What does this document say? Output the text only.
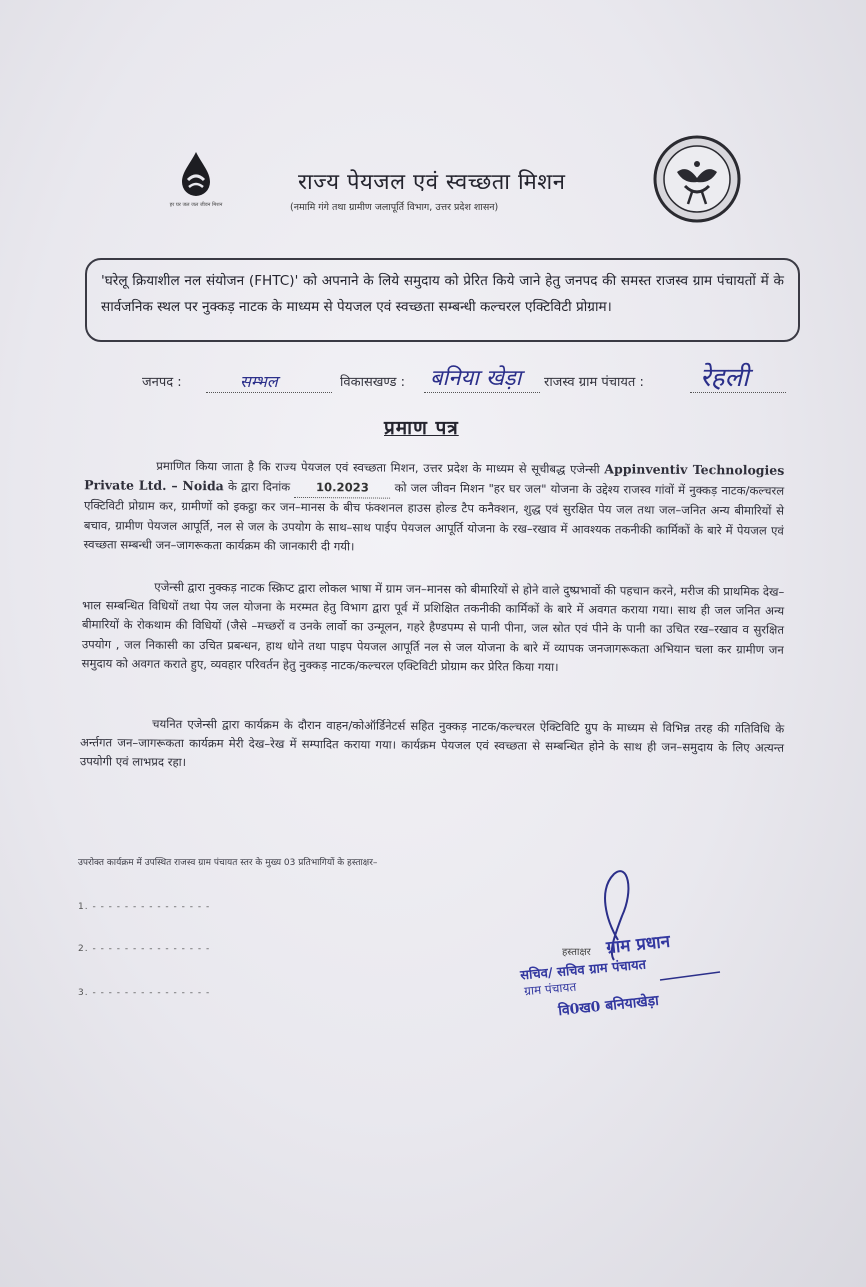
हर घर जल जल जीवन मिशन
राज्य पेयजल एवं स्वच्छता मिशन
(नमामि गंगे तथा ग्रामीण जलापूर्ति विभाग, उत्तर प्रदेश शासन)
'घरेलू क्रियाशील नल संयोजन (FHTC)' को अपनाने के लिये समुदाय को प्रेरित किये जाने हेतु जनपद की समस्त राजस्व ग्राम पंचायतों में के सार्वजनिक स्थल पर नुक्कड़ नाटक के माध्यम से पेयजल एवं स्वच्छता सम्बन्धी कल्चरल एक्टिविटी प्रोग्राम।
जनपद :	सम्भल	विकासखण्ड : बनिया खेड़ा राजस्व ग्राम पंचायत : रेहली
प्रमाण पत्र
प्रमाणित किया जाता है कि राज्य पेयजल एवं स्वच्छता मिशन, उत्तर प्रदेश के माध्यम से सूचीबद्ध एजेन्सी Appinventiv Technologies Private Ltd. – Noida के द्वारा दिनांक 10.2023 को जल जीवन मिशन "हर घर जल" योजना के उद्देश्य राजस्व गांवों में नुक्कड़ नाटक/कल्चरल एक्टिविटी प्रोग्राम कर, ग्रामीणों को इकट्ठा कर जन–मानस के बीच फंक्शनल हाउस होल्ड टैप कनैक्शन, शुद्ध एवं सुरक्षित पेय जल तथा जल–जनित अन्य बीमारियों से बचाव, ग्रामीण पेयजल आपूर्ति, नल से जल के उपयोग के साथ–साथ पाईप पेयजल आपूर्ति योजना के रख–रखाव में आवश्यक तकनीकी कार्मिकों के बारे में पेयजल एवं स्वच्छता सम्बन्धी जन–जागरूकता कार्यक्रम की जानकारी दी गयी।
एजेन्सी द्वारा नुक्कड़ नाटक स्क्रिप्ट द्वारा लोकल भाषा में ग्राम जन–मानस को बीमारियों से होने वाले दुष्प्रभावों की पहचान करने, मरीज की प्राथमिक देख–भाल सम्बन्धित विधियों तथा पेय जल योजना के मरम्मत हेतु विभाग द्वारा पूर्व में प्रशिक्षित तकनीकी कार्मिकों के बारे में अवगत कराया गया। साथ ही जल जनित अन्य बीमारियों के रोकथाम की विधियों (जैसे –मच्छरों व उनके लार्वो का उन्मूलन, गहरे हैण्डपम्प से पानी पीना, जल स्रोत एवं पीने के पानी का उचित रख–रखाव व सुरक्षित उपयोग , जल निकासी का उचित प्रबन्धन, हाथ धोने तथा पाइप पेयजल आपूर्ति नल से जल योजना के बारे में व्यापक जनजागरूकता अभियान चला कर ग्रामीण जन समुदाय को अवगत कराते हुए, व्यवहार परिवर्तन हेतु नुक्कड़ नाटक/कल्चरल एक्टिविटी प्रोग्राम कर प्रेरित किया गया।
चयनित एजेन्सी द्वारा कार्यक्रम के दौरान वाहन/कोऑर्डिनेटर्स सहित नुक्कड़ नाटक/कल्चरल ऐक्टिविटि ग्रुप के माध्यम से विभिन्न तरह की गतिविधि के अर्न्तगत जन–जागरूकता कार्यक्रम मेरी देख–रेख में सम्पादित कराया गया। कार्यक्रम पेयजल एवं स्वच्छता से सम्बन्धित होने के साथ ही जन–समुदाय के लिए अत्यन्त उपयोगी एवं लाभप्रद रहा।
उपरोक्त कार्यक्रम में उपस्थित राजस्व ग्राम पंचायत स्तर के मुख्य 03 प्रतिभागियों के हस्ताक्षर–
1. - - - - - - - - - - - - - - -
2. - - - - - - - - - - - - - - -
3. - - - - - - - - - - - - - - -
हस्ताक्षर ग्राम प्रधान
सचिव/ सचिव ग्राम पंचायत
ग्राम पंचायत
वि0ख0 बनियाखेड़ा
